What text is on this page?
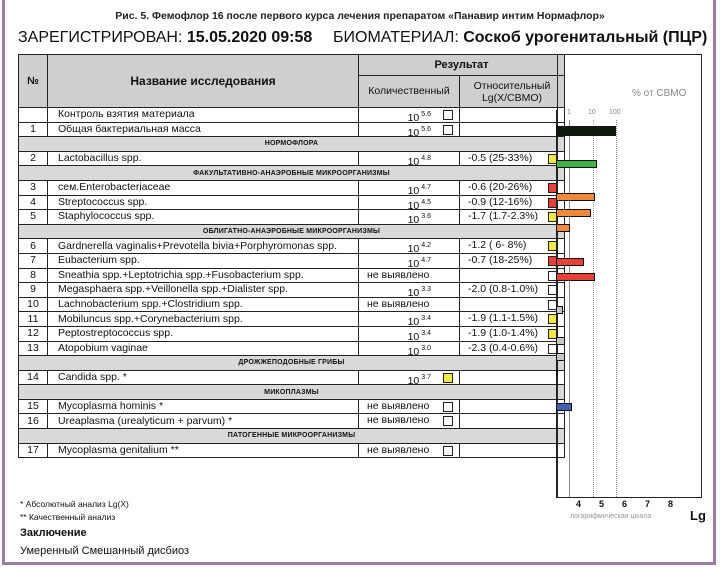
Рис. 5. Фемофлор 16 после первого курса лечения препаратом «Панавир интим Нормафлор»
ЗАРЕГИСТРИРОВАН: 15.05.2020 09:58 БИОМАТЕРИАЛ: Соскоб урогенитальный (ПЦР)
№	Название исследования	Результат	
		Количественный	Относительный Lg(X/СВМО)
	Контроль взятия материала	10 $^{5.6}$

1	Общая бактериальная масса	10 $^{5.6}$

НОРМОФЛОРА			
2	Lactobacillus spp.	10 $^{4.8}$	-0.5 (25-33%)

ФАКУЛЬТАТИВНО-АНАЭРОБНЫЕ МИКРООРГАНИЗМЫ			
3	сем.Enterobacteriaceae	10 $^{4.7}$	-0.6 (20-26%)

4	Streptococcus spp.	10 $^{4.5}$	-0.9 (12-16%)

5	Staphylococcus spp.	10 $^{3.6}$	-1.7 (1.7-2.3%)

ОБЛИГАТНО-АНАЭРОБНЫЕ МИКРООРГАНИЗМЫ			
6	Gardnerella vaginalis+Prevotella bivia+Porphyromonas spp.	10 $^{4.2}$	-1.2 ( 6- 8%)

7	Eubacterium spp.	10 $^{4.7}$	-0.7 (18-25%)

8	Sneathia spp.+Leptotrichia spp.+Fusobacterium spp.	не выявлено	

9	Megasphaera spp.+Veillonella spp.+Dialister spp.	10 $^{3.3}$	-2.0 (0.8-1.0%)

10	Lachnobacterium spp.+Clostridium spp.	не выявлено	

11	Mobiluncus spp.+Corynebacterium spp.	10 $^{3.4}$	-1.9 (1.1-1.5%)

12	Peptostreptococcus spp.	10 $^{3.4}$	-1.9 (1.0-1.4%)

13	Atopobium vaginae	10 $^{3.0}$	-2.3 (0.4-0.6%)

ДРОЖЖЕПОДОБНЫЕ ГРИБЫ			
14	Candida spp. *	10 $^{3.7}$

МИКОПЛАЗМЫ			
15	Mycoplasma hominis *	не выявлено	

16	Ureaplasma (urealyticum + parvum) *	не выявлено	

ПАТОГЕННЫЕ МИКРООРГАНИЗМЫ			
17	Mycoplasma genitalium **	не выявлено	

% от СВМО
1 10 100
4 5 6 7 8
логарифмическая шкала	Lg
* Абсолютный анализ Lg(X)
** Качественный анализ
Заключение
Умеренный Смешанный дисбиоз
